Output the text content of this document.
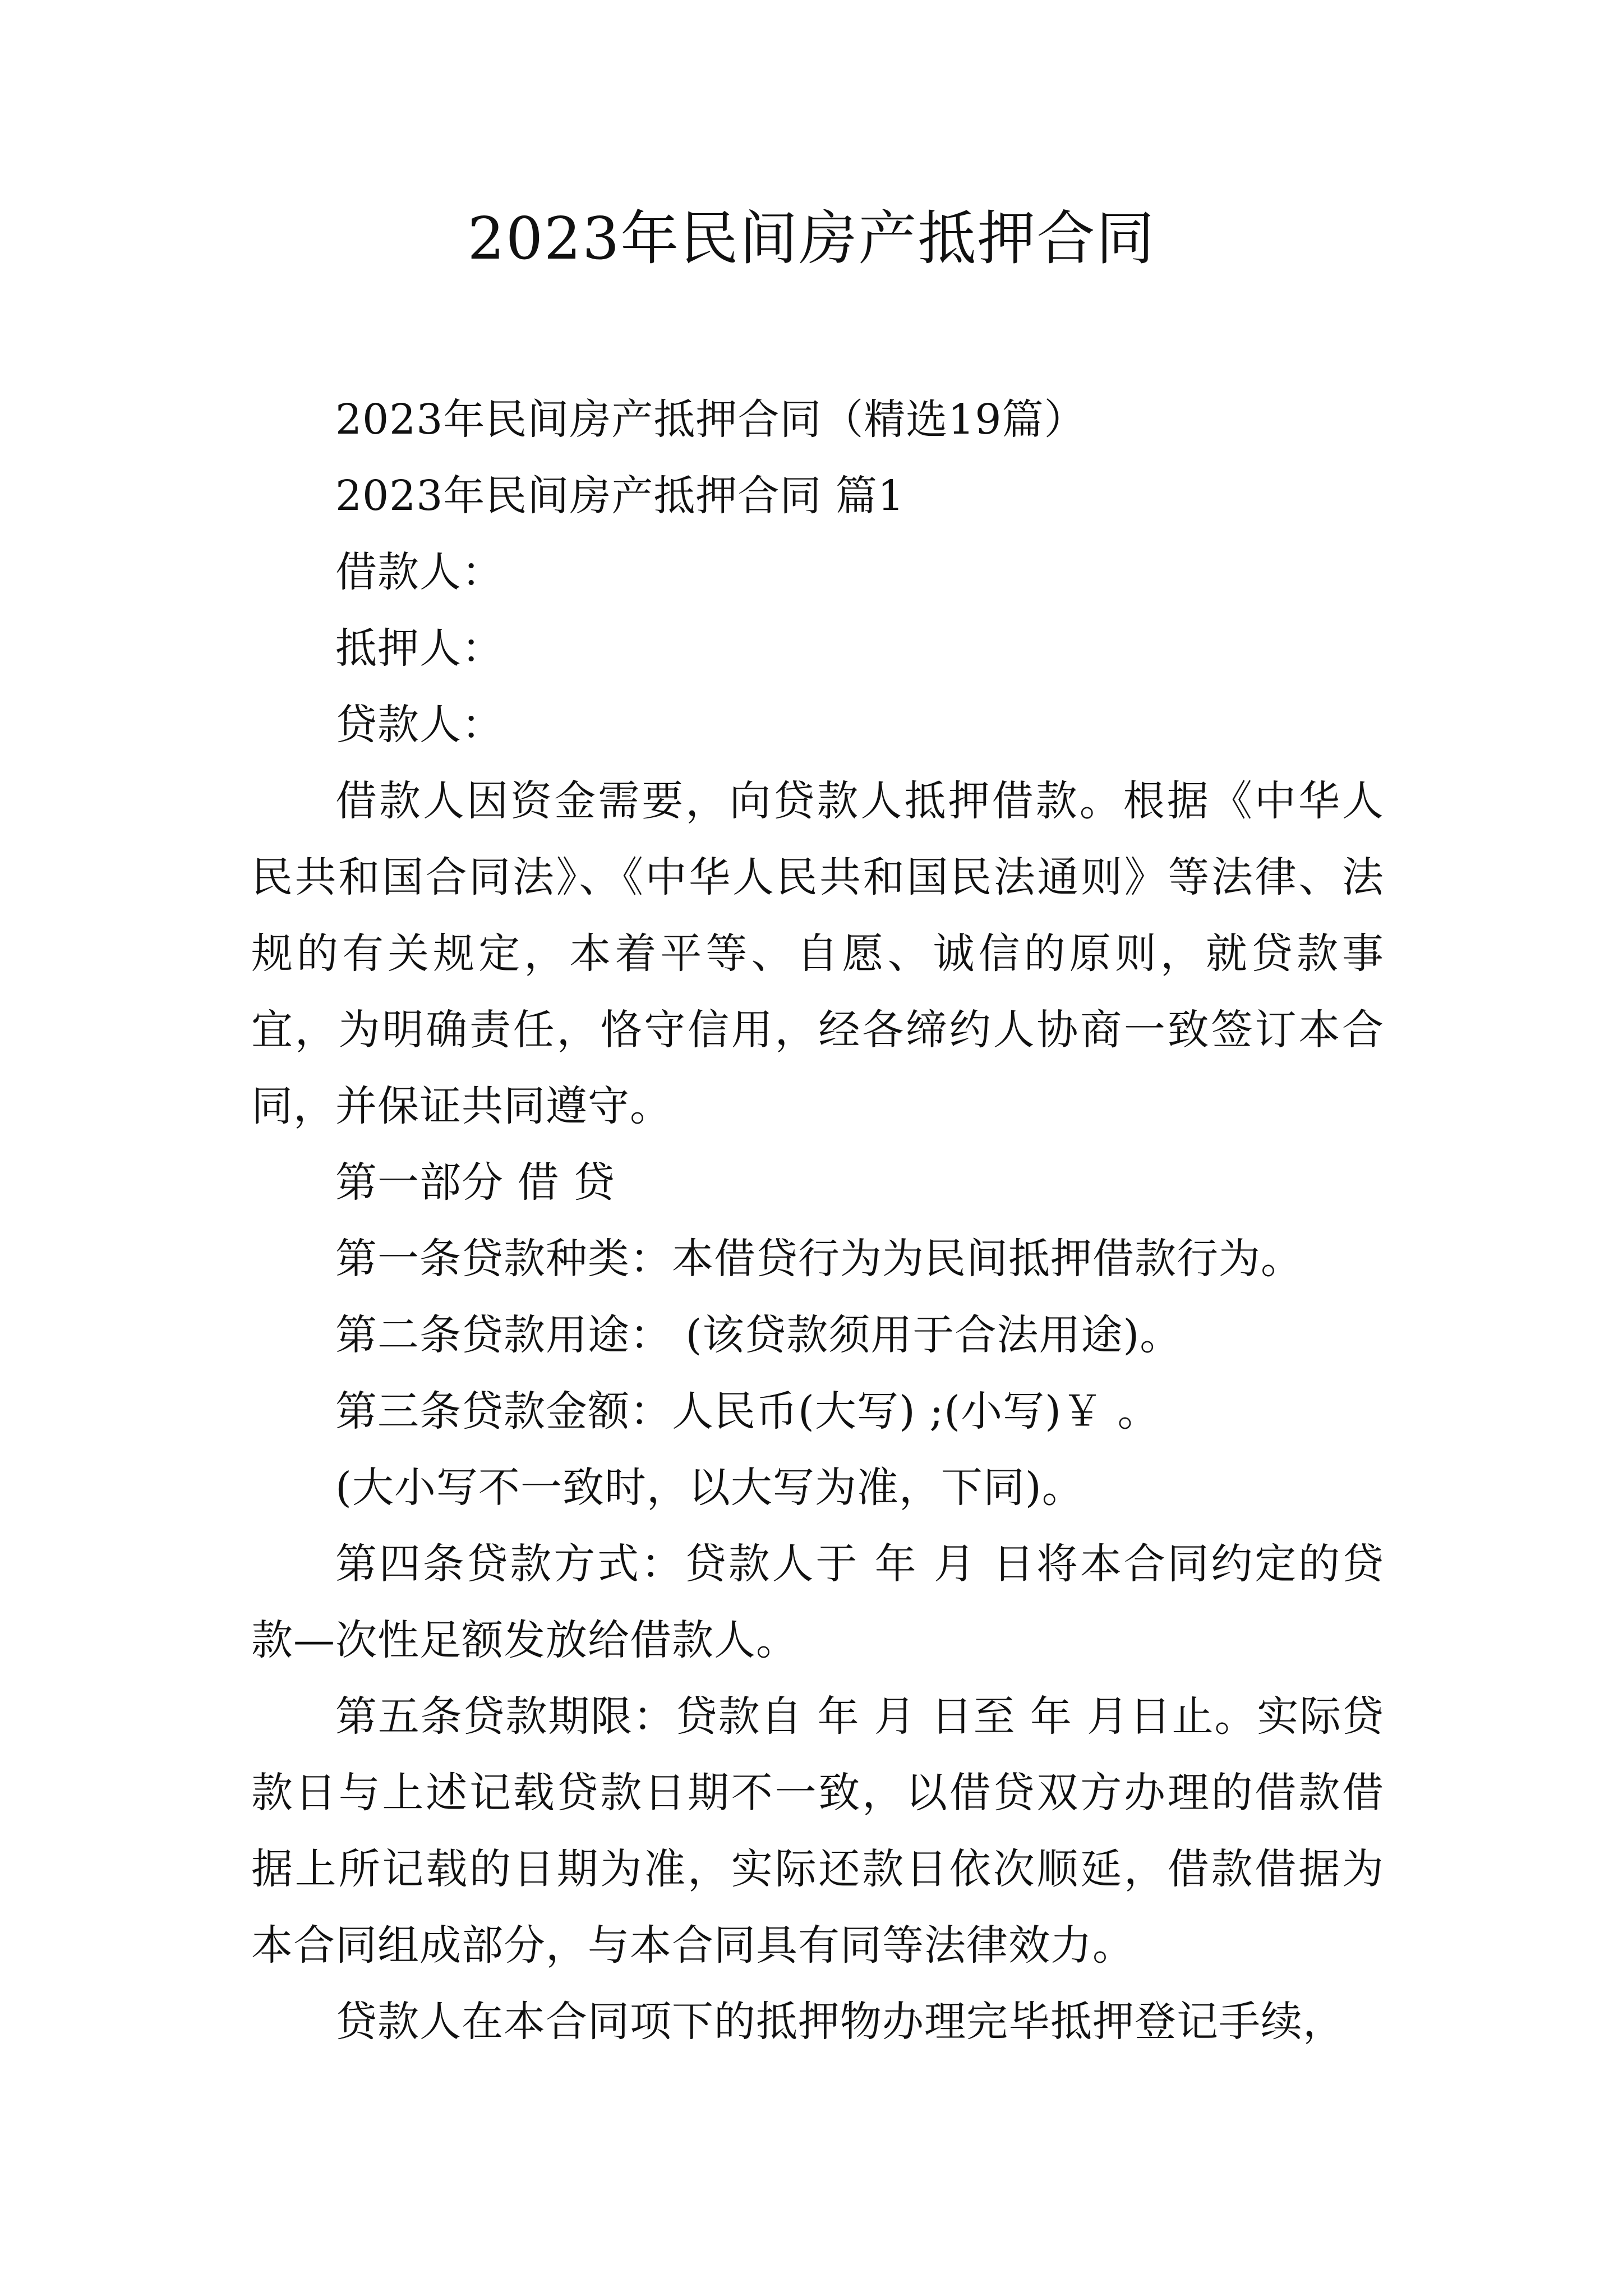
2023年民间房产抵押合同

2023年民间房产抵押合同（精选19篇）

2023年民间房产抵押合同 篇1

借款人：

抵押人：

贷款人：

借款人因资金需要，向贷款人抵押借款。根据《中华人民共和国合同法》、《中华人民共和国民法通则》等法律、法规的有关规定，本着平等、自愿、诚信的原则，就贷款事宜，为明确责任，恪守信用，经各缔约人协商一致签订本合同，并保证共同遵守。

第一部分 借 贷

第一条贷款种类：本借贷行为为民间抵押借款行为。

第二条贷款用途： (该贷款须用于合法用途)。

第三条贷款金额：人民币(大写) ;(小写)￥ 。

(大小写不一致时，以大写为准，下同)。

第四条贷款方式：贷款人于 年 月 日将本合同约定的贷款—次性足额发放给借款人。

第五条贷款期限：贷款自 年 月 日至 年 月日止。实际贷款日与上述记载贷款日期不一致，以借贷双方办理的借款借据上所记载的日期为准，实际还款日依次顺延，借款借据为本合同组成部分，与本合同具有同等法律效力。

贷款人在本合同项下的抵押物办理完毕抵押登记手续，
